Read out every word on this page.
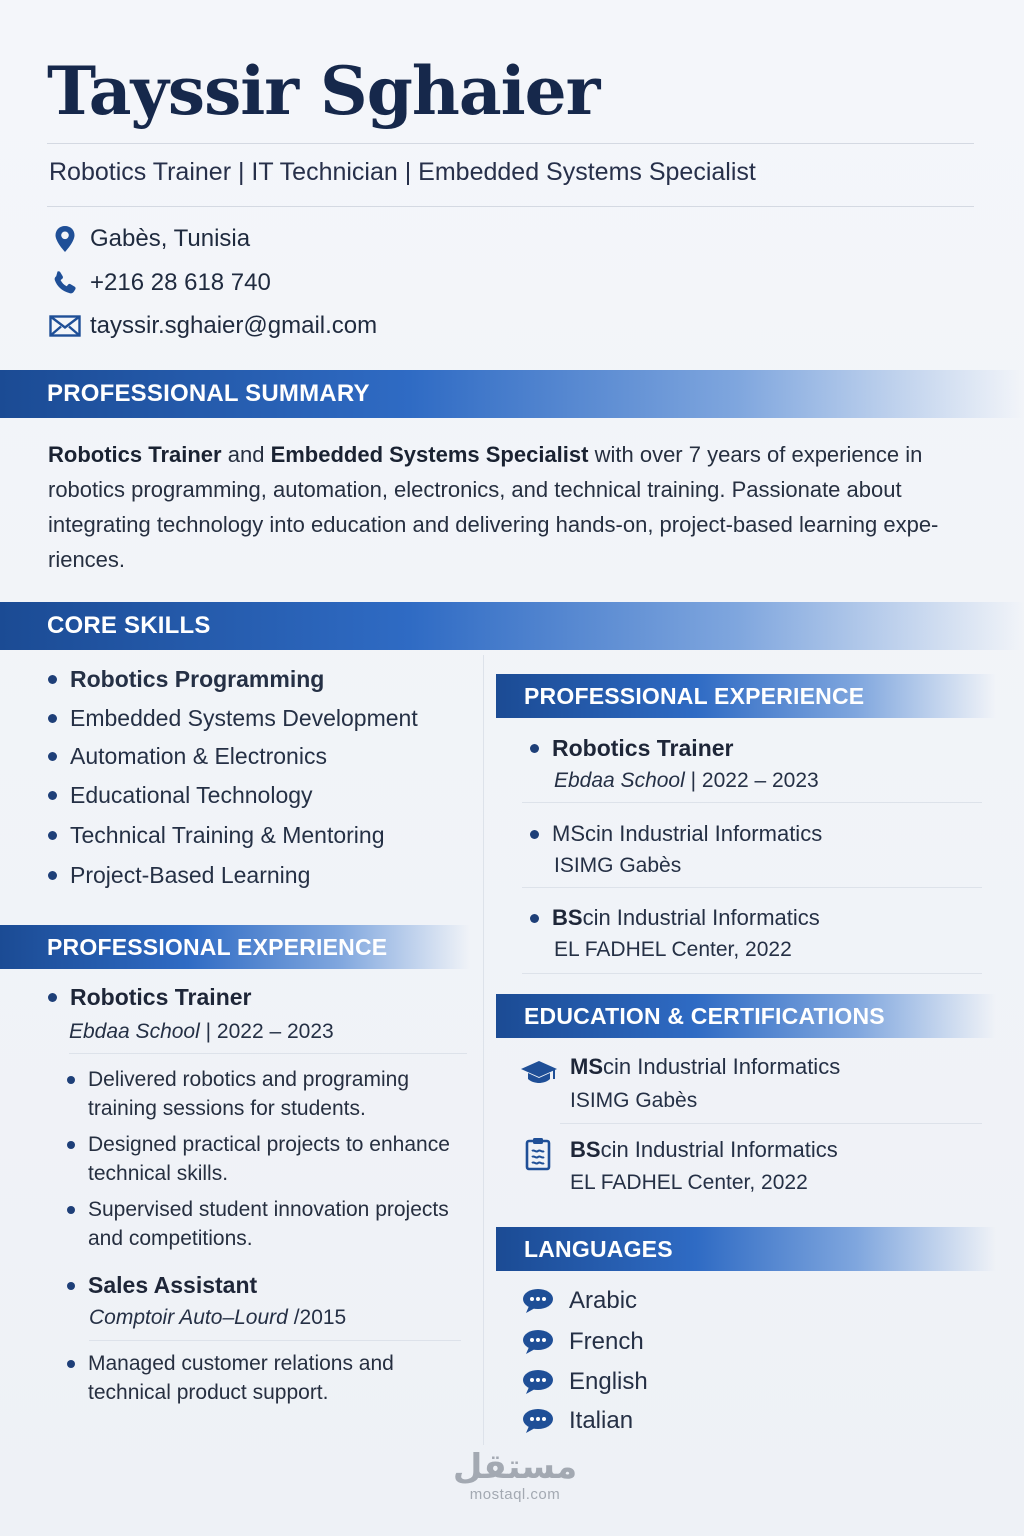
Tayssir Sghaier
Robotics Trainer | IT Technician | Embedded Systems Specialist
Gabès, Tunisia
+216 28 618 740
tayssir.sghaier@gmail.com
PROFESSIONAL SUMMARY
Robotics Trainer and Embedded Systems Specialist with over 7 years of experience in robotics programming, automation, electronics, and technical training. Passionate about integrating technology into education and delivering hands-on, project-based learning expe-riences.
CORE SKILLS
Robotics Programming
Embedded Systems Development
Automation & Electronics
Educational Technology
Technical Training & Mentoring
Project-Based Learning
PROFESSIONAL EXPERIENCE
Robotics Trainer
Ebdaa School | 2022 – 2023
Delivered robotics and programing
training sessions for students.
Designed practical projects to enhance
technical skills.
Supervised student innovation projects
and competitions.
Sales Assistant
Comptoir Auto–Lourd /2015
Managed customer relations and
technical product support.
PROFESSIONAL EXPERIENCE
Robotics Trainer
Ebdaa School | 2022 – 2023
MSc in Industrial Informatics
ISIMG Gabès
BS c in Industrial Informatics
EL FADHEL Center, 2022
EDUCATION & CERTIFICATIONS
MS c in Industrial Informatics
ISIMG Gabès
BS c in Industrial Informatics
EL FADHEL Center, 2022
LANGUAGES
Arabic
French
English
Italian
مستقل
mostaql.com
